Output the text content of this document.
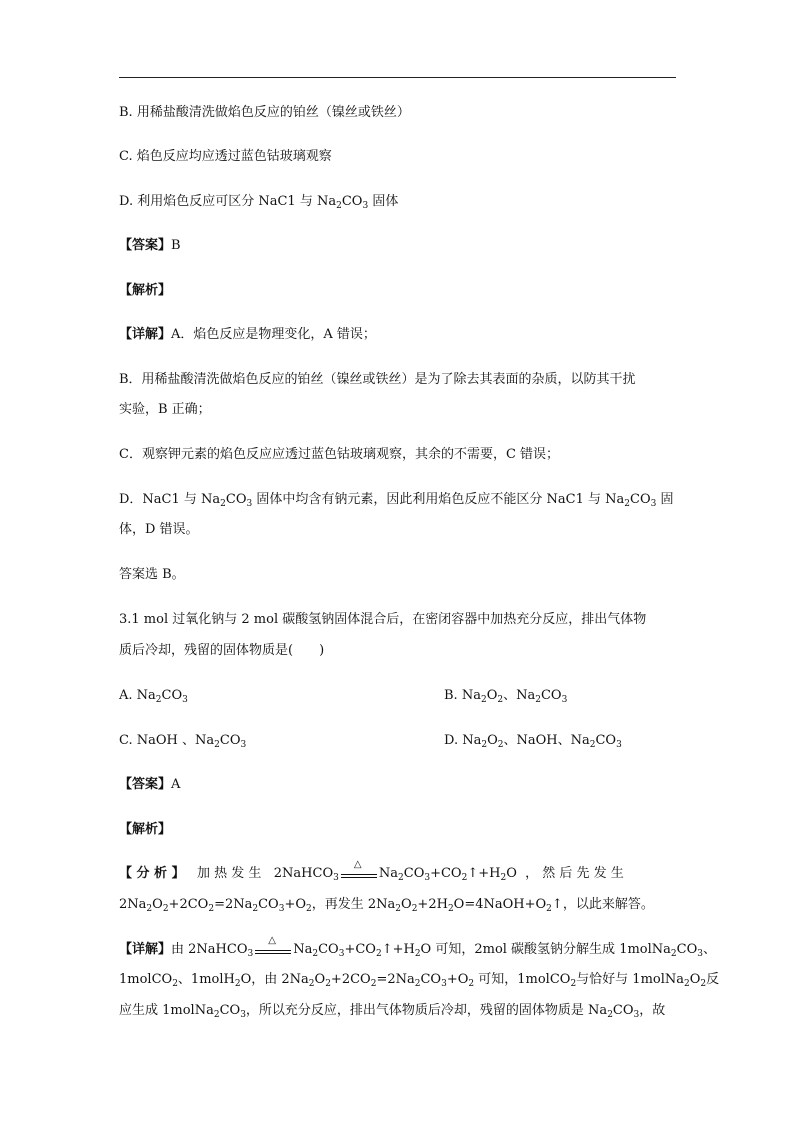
B. 用稀盐酸清洗做焰色反应的铂丝（镍丝或铁丝）
C. 焰色反应均应透过蓝色钴玻璃观察
D. 利用焰色反应可区分 NaC1 与 $Na_2CO_3$ 固体
【答案】B
【解析】
【详解】A．焰色反应是物理变化，A 错误；
B．用稀盐酸清洗做焰色反应的铂丝（镍丝或铁丝）是为了除去其表面的杂质，以防其干扰
实验，B 正确；
C．观察钾元素的焰色反应应透过蓝色钴玻璃观察，其余的不需要，C 错误；
D．NaC1 与 $Na_2CO_3$ 固体中均含有钠元素，因此利用焰色反应不能区分 NaC1 与 $Na_2CO_3$ 固
体，D 错误。
答案选 B。
3.1 mol 过氧化钠与 2 mol 碳酸氢钠固体混合后，在密闭容器中加热充分反应，排出气体物
质后冷却，残留的固体物质是(　　)
A. $Na_2CO_3$	B. $Na_2O_2$、$Na_2CO_3$
C. NaOH 、$Na_2CO_3$	D. $Na_2O_2$、NaOH、$Na_2CO_3$
【答案】A
【解析】
【 分 析 】 加 热 发 生   2NaHCO$_3$
△
$Na_2CO_3+CO_2↑+H_2O$  ， 然 后 先 发 生
$2Na_2O_2+2CO_2=2Na_2CO_3+O_2$，再发生 $2Na_2O_2+2H_2O=4NaOH+O_2↑$，以此来解答。
【详解】由 2NaHCO$_3$
△
$Na_2CO_3+CO_2↑+H_2O$ 可知，2mol 碳酸氢钠分解生成 $1molNa_2CO_3$、
1molCO$_2$、1molH$_2$O，由 $2Na_2O_2+2CO_2=2Na_2CO_3+O_2$ 可知，1molCO$_2$与恰好与 $1molNa_2O_2$反
应生成 $1molNa_2CO_3$，所以充分反应，排出气体物质后冷却，残留的固体物质是 $Na_2CO_3$，故
